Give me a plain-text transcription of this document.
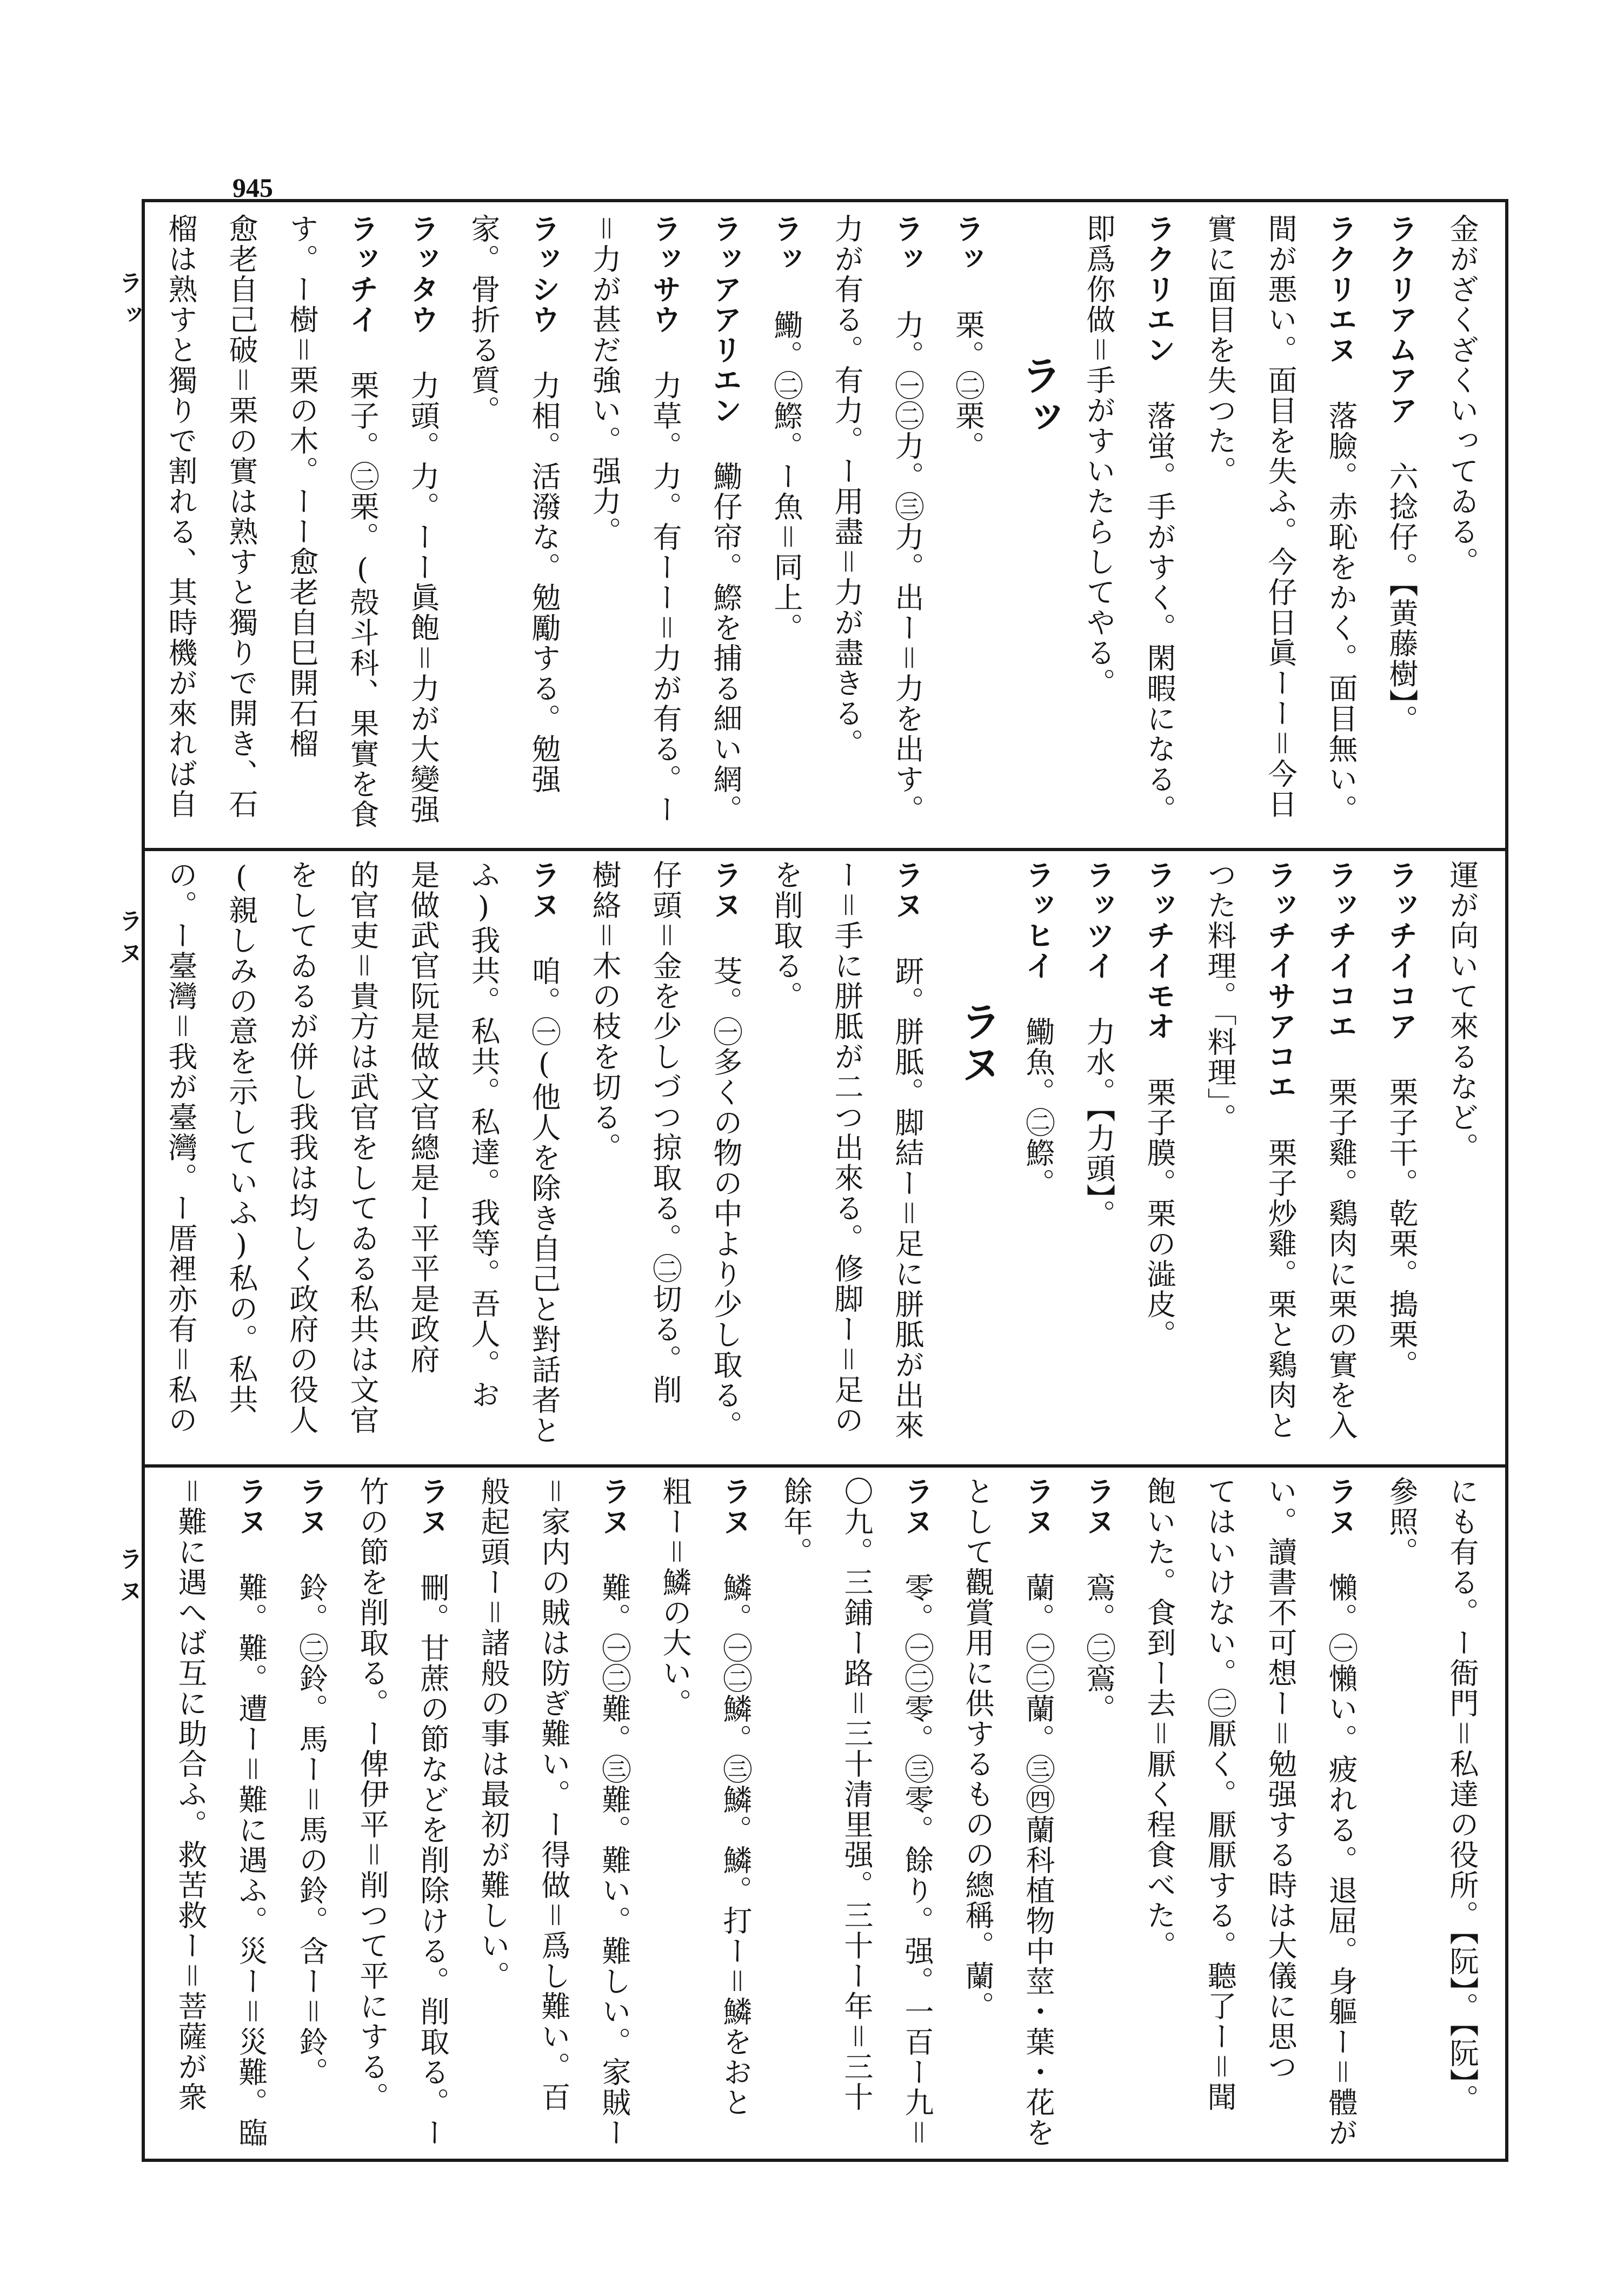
945
ラ ッ
ラ ヌ
ラ ヌ
金がざくざくいってゐる。
ラクリアムアア 六捻仔。【黄藤樹】。
ラクリエヌ 落臉。赤恥をかく。面目無い。
間が悪い。面目を失ふ。今仔日眞ーー＝今日
實に面目を失つた。
ラクリエン 落蛍。手がすく。閑暇になる。
即爲你做＝手がすいたらしてやる。
ラッ
ラッ 栗。㊁栗。
ラッ 力。㊀㊁力。㊂力。出ー＝力を出す。
力が有る。有力。ー用盡＝力が盡きる。
ラッ 鰳。㊁鰶。ー魚＝同上。
ラッアアリエン 鰳仔帘。鰶を捕る細い網。
ラッサウ 力草。力。有ーー＝力が有る。ー
＝力が甚だ強い。强力。
ラッシウ 力相。活潑な。勉勵する。勉强
家。骨折る質。
ラッタウ 力頭。力。ーー眞飽＝力が大變强
ラッチイ 栗子。㊁栗。(殻斗科、果實を食
す。ー樹＝栗の木。ーー愈老自巳開石榴
愈老自己破＝栗の實は熟すと獨りで開き、石
榴は熟すと獨りで割れる、其時機が來れば自
運が向いて來るなど。
ラッチイコア 栗子干。乾栗。搗栗。
ラッチイコエ 栗子雞。鷄肉に栗の實を入
ラッチイサアコエ 栗子炒雞。栗と鷄肉と
つた料理。「料理」。
ラッチイモオ 栗子膜。栗の澁皮。
ラッツイ 力水。【力頭】。
ラッヒイ 鰳魚。㊁鰶。
ラヌ
ラヌ 趼。胼胝。脚結ー＝足に胼胝が出來
ー＝手に胼胝が二つ出來る。修脚ー＝足の
を削取る。
ラヌ 芟。㊀多くの物の中より少し取る。
仔頭＝金を少しづつ掠取る。㊁切る。削
樹絡＝木の枝を切る。
ラヌ 咱。㊀(他人を除き自己と對話者と
ふ)我共。私共。私達。我等。吾人。お
是做武官阮是做文官總是ー平平是政府
的官吏＝貴方は武官をしてゐる私共は文官
をしてゐるが併し我我は均しく政府の役人
(親しみの意を示していふ)私の。私共
の。ー臺灣＝我が臺灣。ー厝裡亦有＝私の
にも有る。ー衙門＝私達の役所。【阮】。【阮】。
參照。
ラヌ 懶。㊀懶い。疲れる。退屈。身軀ー＝體が
い。讀書不可想ー＝勉强する時は大儀に思つ
てはいけない。㊁厭く。厭厭する。聽了ー＝聞
飽いた。食到ー去＝厭く程食べた。
ラヌ 鵉。㊁鵉。
ラヌ 蘭。㊀㊁蘭。㊂㊃蘭科植物中莖・葉・花を
として觀賞用に供するものの總稱。蘭。
ラヌ 零。㊀㊁零。㊂零。餘り。强。一百ー九＝
〇九。三鋪ー路＝三十清里强。三十ー年＝三十
餘年。
ラヌ 鱗。㊀㊁鱗。㊂鱗。鱗。打ー＝鱗をおと
粗ー＝鱗の大い。
ラヌ 難。㊀㊁難。㊂難。難い。難しい。家賊ー
＝家内の賊は防ぎ難い。ー得做＝爲し難い。百
般起頭ー＝諸般の事は最初が難しい。
ラヌ 刪。甘蔗の節などを削除ける。削取る。ー
竹の節を削取る。ー俾伊平＝削つて平にする。
ラヌ 鈴。㊁鈴。馬ー＝馬の鈴。含ー＝鈴。
ラヌ 難。難。遭ー＝難に遇ふ。災ー＝災難。臨
＝難に遇へば互に助合ふ。救苦救ー＝菩薩が衆
